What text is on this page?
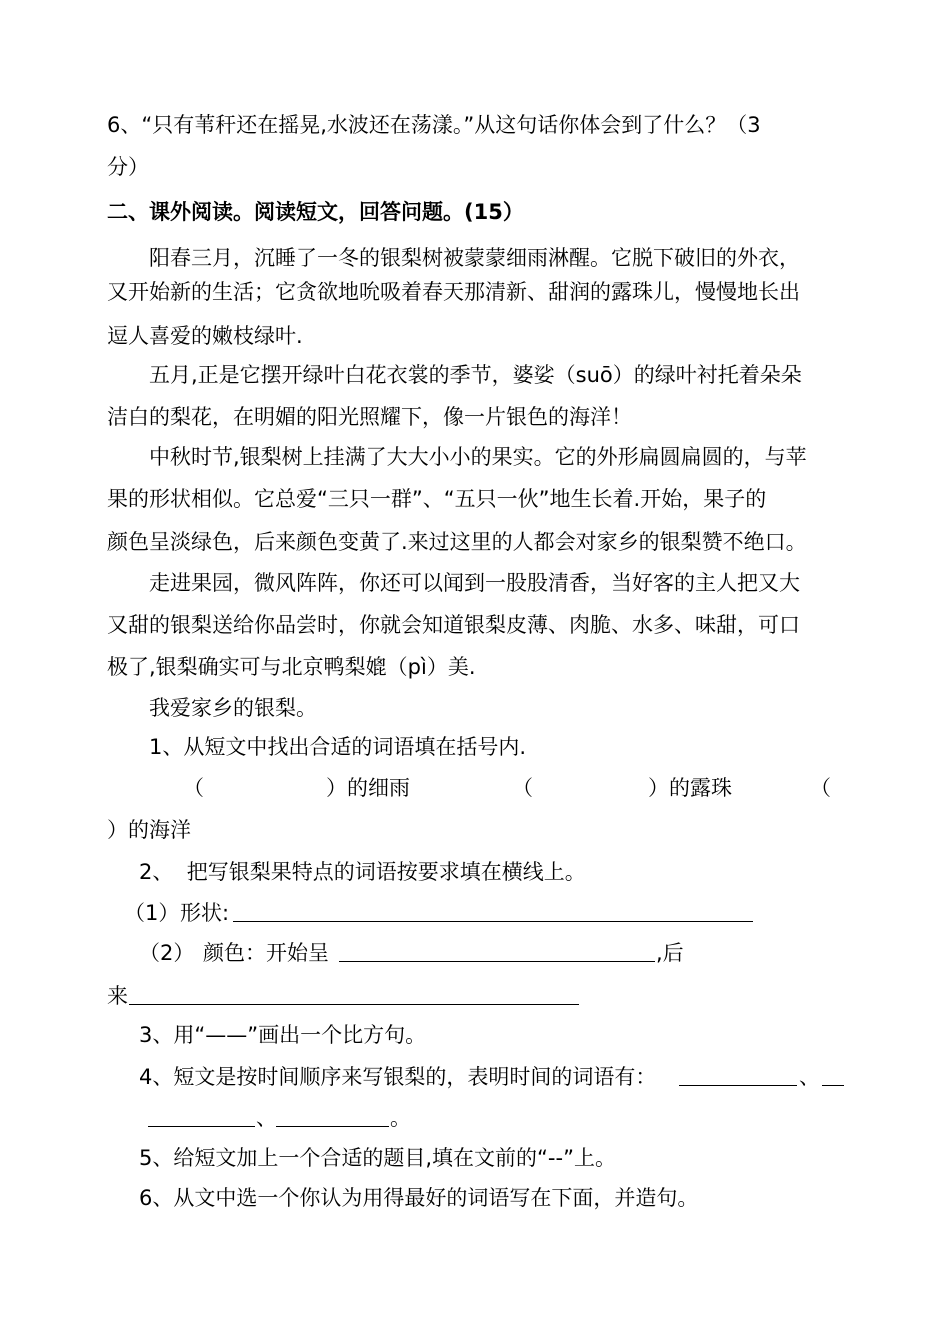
6、“只有苇秆还在摇晃,水波还在荡漾。”从这句话你体会到了什么？（3
分）
二、课外阅读。阅读短文，回答问题。(15）
阳春三月，沉睡了一冬的银梨树被蒙蒙细雨淋醒。它脱下破旧的外衣，
又开始新的生活；它贪欲地吮吸着春天那清新、甜润的露珠儿，慢慢地长出
逗人喜爱的嫩枝绿叶.
五月,正是它摆开绿叶白花衣裳的季节，婆娑（suō）的绿叶衬托着朵朵
洁白的梨花，在明媚的阳光照耀下，像一片银色的海洋！
中秋时节,银梨树上挂满了大大小小的果实。它的外形扁圆扁圆的，与苹
果的形状相似。它总爱“三只一群”、“五只一伙”地生长着.开始，果子的
颜色呈淡绿色，后来颜色变黄了.来过这里的人都会对家乡的银梨赞不绝口。
走进果园，微风阵阵，你还可以闻到一股股清香，当好客的主人把又大
又甜的银梨送给你品尝时，你就会知道银梨皮薄、肉脆、水多、味甜，可口
极了,银梨确实可与北京鸭梨媲（pì）美.
我爱家乡的银梨。
1、从短文中找出合适的词语填在括号内.
（	）的细雨	（	）的露珠	（
）的海洋
2、  把写银梨果特点的词语按要求填在横线上。
（1） 形状:
（2） 颜色：开始呈	,后
来
3、用“——”画出一个比方句。
4、短文是按时间顺序来写银梨的，表明时间的词语有：	、
、	。
5、给短文加上一个合适的题目,填在文前的“--”上。
6、从文中选一个你认为用得最好的词语写在下面，并造句。
